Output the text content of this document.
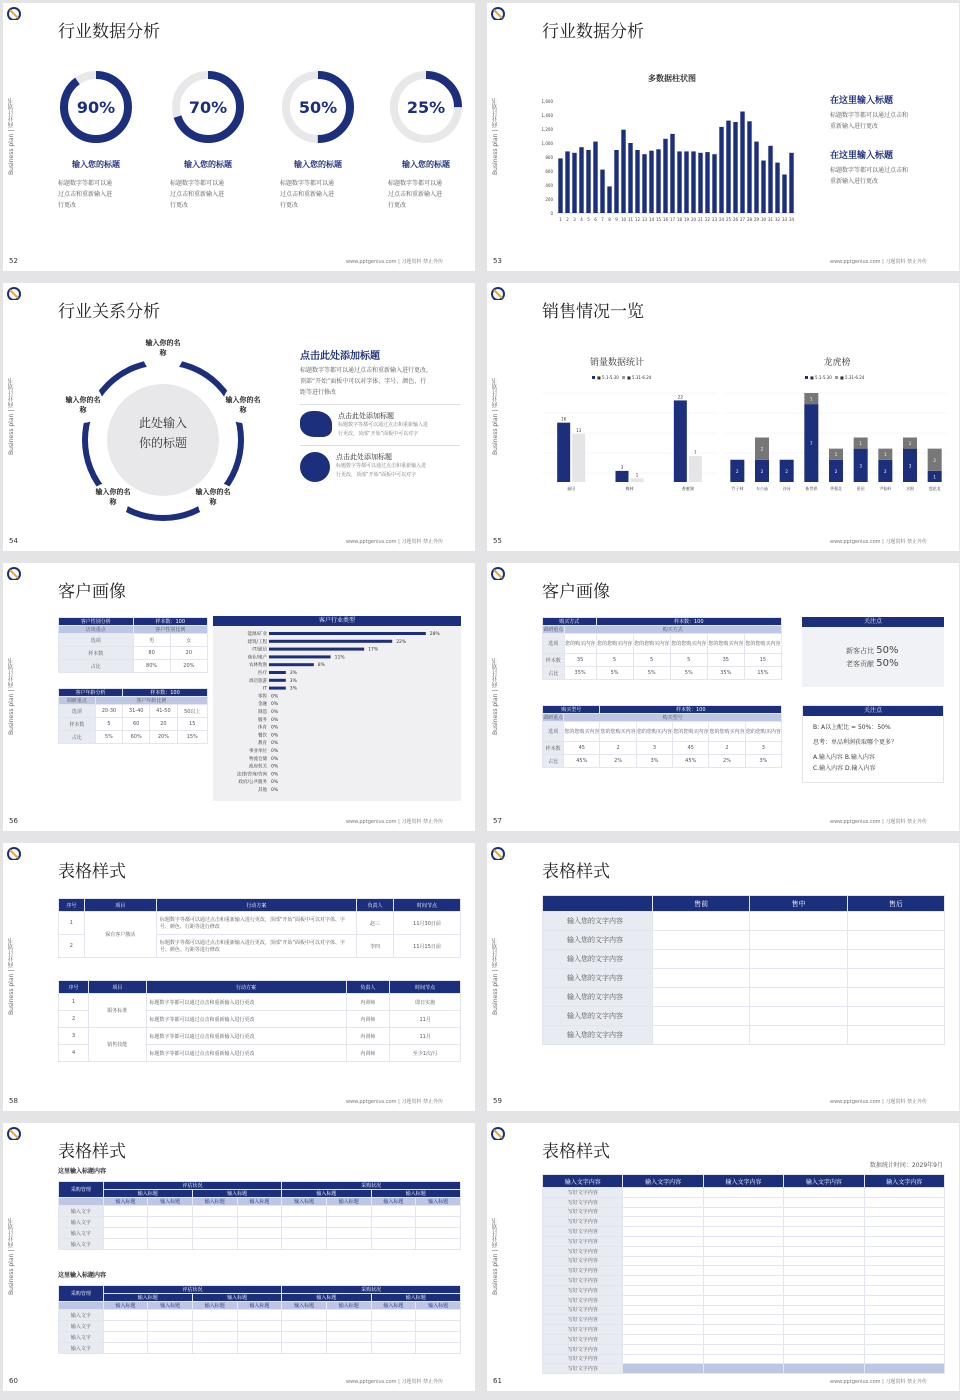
行业数据分析
Business plan | 商业计划书	90%
输入您的标题
标题数字等都可以通
过点击和重新输入进
行更改
70%
输入您的标题
标题数字等都可以通
过点击和重新输入进
行更改
50%
输入您的标题
标题数字等都可以通
过点击和重新输入进
行更改
25%
输入您的标题
标题数字等都可以通
过点击和重新输入进
行更改
52	www.pptgenius.com | 习题资料 禁止外传
行业数据分析
Business plan | 商业计划书
多数据柱状图
0
200
400
600
800
1,000
1,200
1,400
1,600
1 2 3 4 5 6 7 8 9 10 11 12 13 14 15 16 17 18 19 20 21 22 23 24 25 26 27 28 29 30 31 32 33 34
在这里输入标题
标题数字等都可以通过点击和
重新输入进行更改
在这里输入标题
标题数字等都可以通过点击和
重新输入进行更改
53	www.pptgenius.com | 习题资料 禁止外传
行业关系分析
Business plan | 商业计划书	此处输入
你的标题
输入你的名称
输入你的名称
输入你的名称
输入你的名称
输入你的名称
点击此处添加标题
标题数字等都可以通过点击和重新输入进行更改，
顶部“开始”面板中可以对字体、字号、颜色、行
距等进行修改
点击此处添加标题
标题数字等都可以通过点击和重新输入进
行更改，顶部“开始”面板中可以对字
点击此处添加标题
标题数字等都可以通过点击和重新输入进
行更改，顶部“开始”面板中可以对字
54	www.pptgenius.com | 习题资料 禁止外传
销售情况一览
Business plan | 商业计划书
销量数据统计	龙虎榜
■ 5.1-5.30 ■ 5.31-6.24
16
13
福田
3
1
梅林
22
7
香蜜湖
■ 5.1-5.30 ■ 5.31-6.24
2
竹子林
2
2
车公庙
2
沙河
7
1
新世界
2
1
华强北
3
1
景田
2
1
尹仙岭
3
1
水围
1
2
莲花北
55	www.pptgenius.com | 习题资料 禁止外传
客户画像
Business plan | 商业计划书
客户性别分析	样本数：100	
访谈重点	客户性别比例	
选项	男	女
样本数	80	20
占比	80%	20%
客户年龄分析		样本数：100		
调研重点	客户年龄比例			
选项	20-30	31-40	41-50	50以上
样本数	5	60	20	15
占比	5%	60%	20%	15%
客户行业类型
能源/矿业	28%
建筑/工程	22%
IT/通信	17%
商业/地产	11%
农林牧渔	8%
医疗	3%
酒店旅游	3%
IT	3%
零售 0%
金融 0%
制造 0%
服务 0%
体育 0%
餐饮 0%
教育 0%
事业单位 0%
物流仓储 0%
政府机关 0%
法律/咨询/咨询 0%
政府/公共服务 0%
其他 0%
56	www.pptgenius.com | 习题资料 禁止外传
客户画像
Business plan | 商业计划书
购买方式		样本数：100				
调研重点	购买方式					
选项	您的购买内容	您的您购买内容	您的您购买内容	您的您购买内容	您的您购买内容	您的您购买内容
样本数	35	5	5	5	35	15
占比	35%	5%	5%	5%	35%	15%
购买型号		样本数：100				
调研重点	购买型号					
选项	您的您购买内容	您的您购买内容	您的您购买内容	您的您购买内容	您的您购买内容	您的您购买内容
样本数	45	2	3	45	2	3
占比	45%	2%	3%	45%	2%	3%
关注点
新客占比 50%
老客贡献 50%
关注点
B: A以上配比 = 50%：50%
思考：单品利润获取哪个更多？
A.输入内容 B.输入内容
C.输入内容 D.输入内容
57	www.pptgenius.com | 习题资料 禁止外传
表格样式
Business plan | 商业计划书
序号	项目	行动方案	负责人	时间节点
1	保有客户激活	标题数字等都可以通过点击和重新输入进行更改，顶部“开始”面板中可以对字体、字号、颜色、行距等进行修改	赵三	11月30日前
2		标题数字等都可以通过点击和重新输入进行更改，顶部“开始”面板中可以对字体、字号、颜色、行距等进行修改	李四	11月15日前
序号	项目	行动方案	负责人	时间节点
1	服务标准	标题数字等都可以通过点击和重新输入进行更改	内训师	即日实施
2		标题数字等都可以通过点击和重新输入进行更改	内训师	11月
3	销售技能	标题数字等都可以通过点击和重新输入进行更改	内训师	11月
4		标题数字等都可以通过点击和重新输入进行更改	内训师	至少1次/月
58	www.pptgenius.com | 习题资料 禁止外传
表格样式
Business plan | 商业计划书
	售前	售中	售后
输入您的文字内容			
输入您的文字内容			
输入您的文字内容			
输入您的文字内容			
输入您的文字内容			
输入您的文字内容			
输入您的文字内容			
59	www.pptgenius.com | 习题资料 禁止外传
表格样式
Business plan | 商业计划书
这里输入标题内容
采购管理	评估状况				采购状况			
	输入标题		输入标题		输入标题		输入标题	
	输入标题	输入标题	输入标题	输入标题	输入标题	输入标题	输入标题	输入标题
输入文字								
输入文字								
输入文字								
输入文字								
这里输入标题内容
采购管理	评估状况				采购状况			
	输入标题		输入标题		输入标题		输入标题	
	输入标题	输入标题	输入标题	输入标题	输入标题	输入标题	输入标题	输入标题
输入文字								
输入文字								
输入文字								
输入文字								
60	www.pptgenius.com | 习题资料 禁止外传
表格样式
Business plan | 商业计划书
数据统计时间：2029年9月
输入文字内容	输入文字内容	输入文字内容	输入文字内容	输入文字内容
写好文字内容				
写好文字内容				
写好文字内容				
写好文字内容				
写好文字内容				
写好文字内容				
写好文字内容				
写好文字内容				
写好文字内容				
写好文字内容				
写好文字内容				
写好文字内容				
写好文字内容				
写好文字内容				
写好文字内容				
写好文字内容				
写好文字内容				
写好文字内容				
写好文字内容				
61	www.pptgenius.com | 习题资料 禁止外传
